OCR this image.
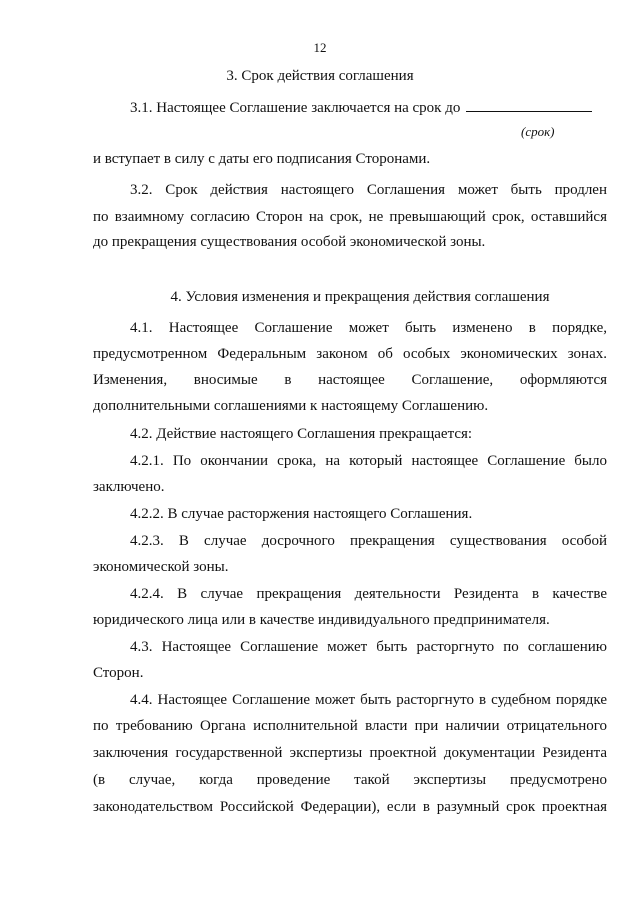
12
3. Срок действия соглашения
3.1. Настоящее Соглашение заключается на срок до
(срок)
и вступает в силу с даты его подписания Сторонами.
3.2. Срок действия настоящего Соглашения может быть продлен
по взаимному согласию Сторон на срок, не превышающий срок, оставшийся
до прекращения существования особой экономической зоны.
4. Условия изменения и прекращения действия соглашения
4.1. Настоящее Соглашение может быть изменено в порядке,
предусмотренном Федеральным законом об особых экономических зонах.
Изменения, вносимые в настоящее Соглашение, оформляются
дополнительными соглашениями к настоящему Соглашению.
4.2. Действие настоящего Соглашения прекращается:
4.2.1. По окончании срока, на который настоящее Соглашение было
заключено.
4.2.2. В случае расторжения настоящего Соглашения.
4.2.3. В случае досрочного прекращения существования особой
экономической зоны.
4.2.4. В случае прекращения деятельности Резидента в качестве
юридического лица или в качестве индивидуального предпринимателя.
4.3. Настоящее Соглашение может быть расторгнуто по соглашению
Сторон.
4.4. Настоящее Соглашение может быть расторгнуто в судебном порядке
по требованию Органа исполнительной власти при наличии отрицательного
заключения государственной экспертизы проектной документации Резидента
(в случае, когда проведение такой экспертизы предусмотрено
законодательством Российской Федерации), если в разумный срок проектная
